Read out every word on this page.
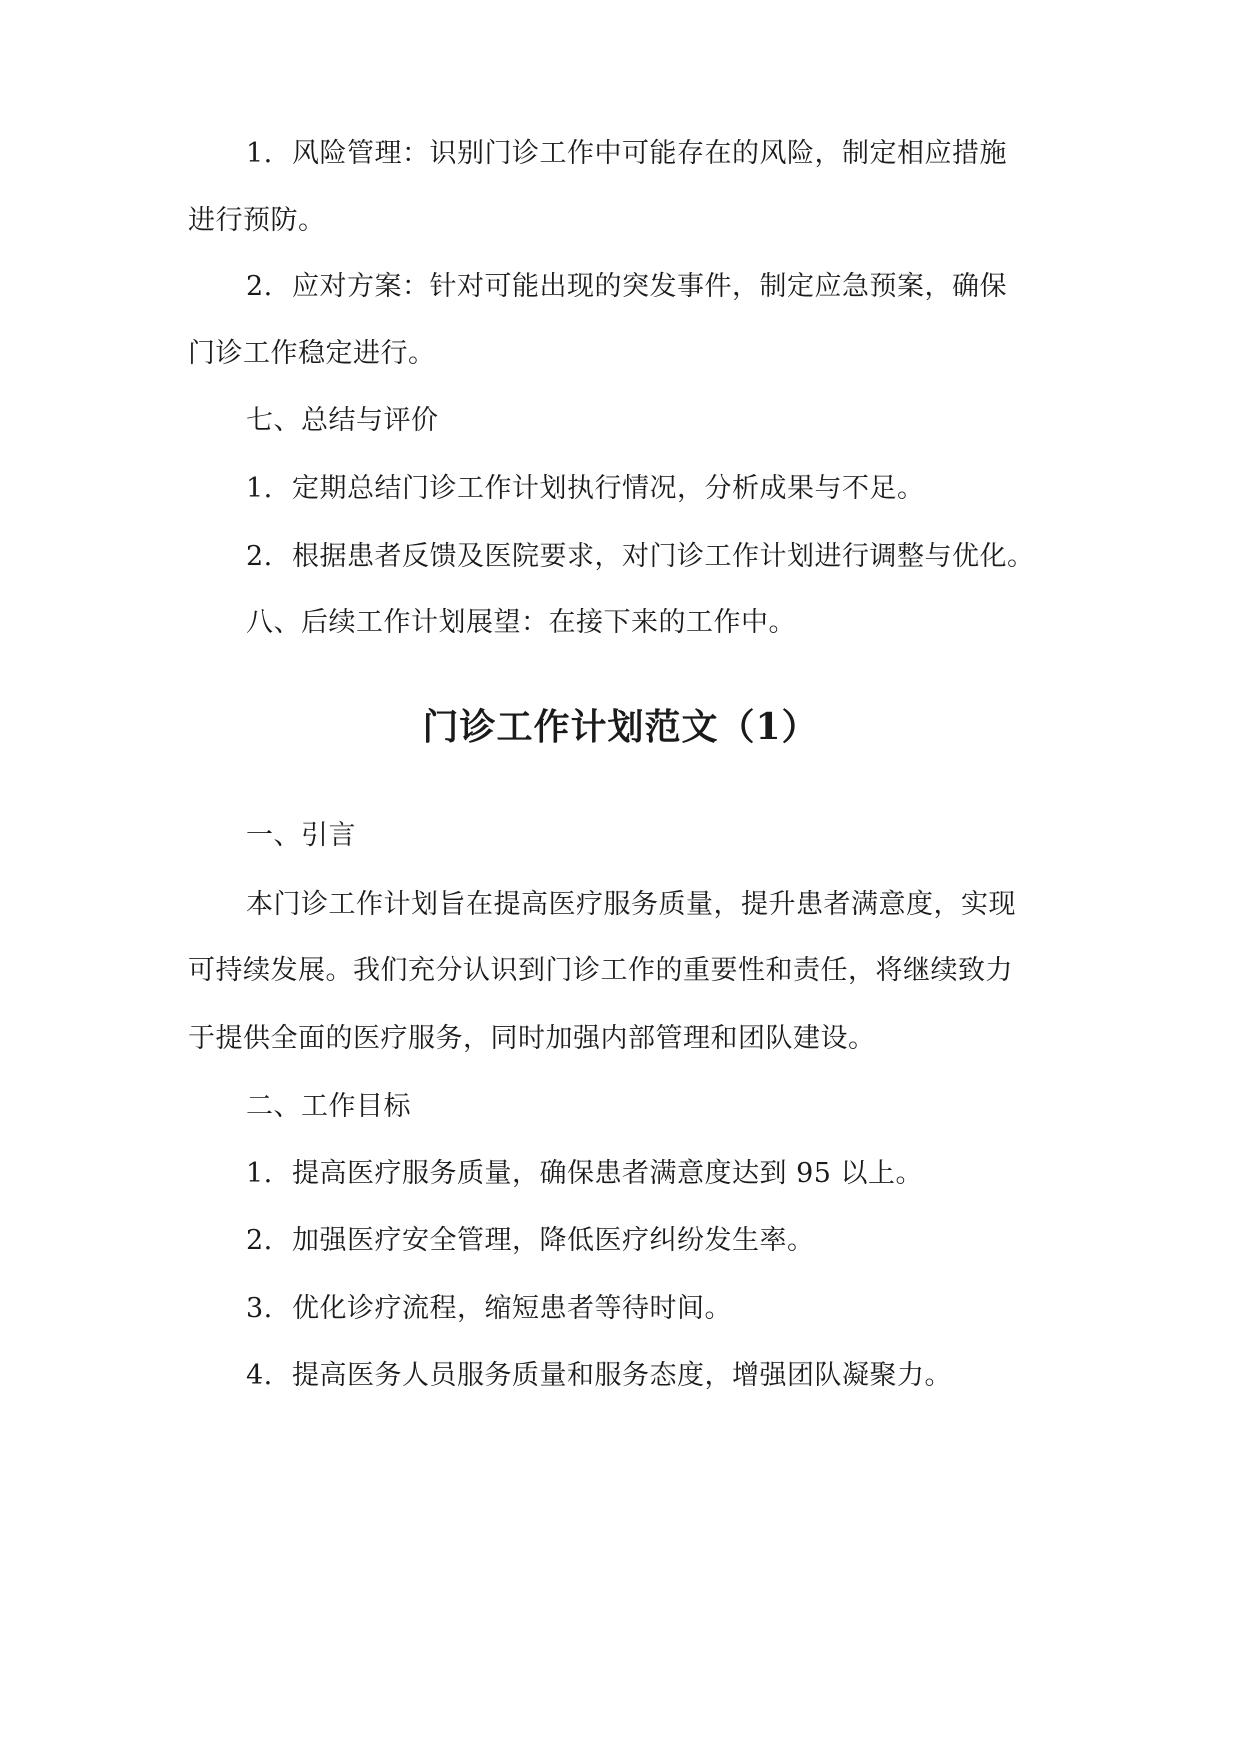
1. 风险管理：识别门诊工作中可能存在的风险，制定相应措施
进行预防。
2. 应对方案：针对可能出现的突发事件，制定应急预案，确保
门诊工作稳定进行。
七、总结与评价
1. 定期总结门诊工作计划执行情况，分析成果与不足。
2. 根据患者反馈及医院要求，对门诊工作计划进行调整与优化。
八、后续工作计划展望：在接下来的工作中。
门诊工作计划范文（1）
一、引言
本门诊工作计划旨在提高医疗服务质量，提升患者满意度，实现
可持续发展。我们充分认识到门诊工作的重要性和责任，将继续致力
于提供全面的医疗服务，同时加强内部管理和团队建设。
二、工作目标
1. 提高医疗服务质量，确保患者满意度达到 95 以上。
2. 加强医疗安全管理，降低医疗纠纷发生率。
3. 优化诊疗流程，缩短患者等待时间。
4. 提高医务人员服务质量和服务态度，增强团队凝聚力。
